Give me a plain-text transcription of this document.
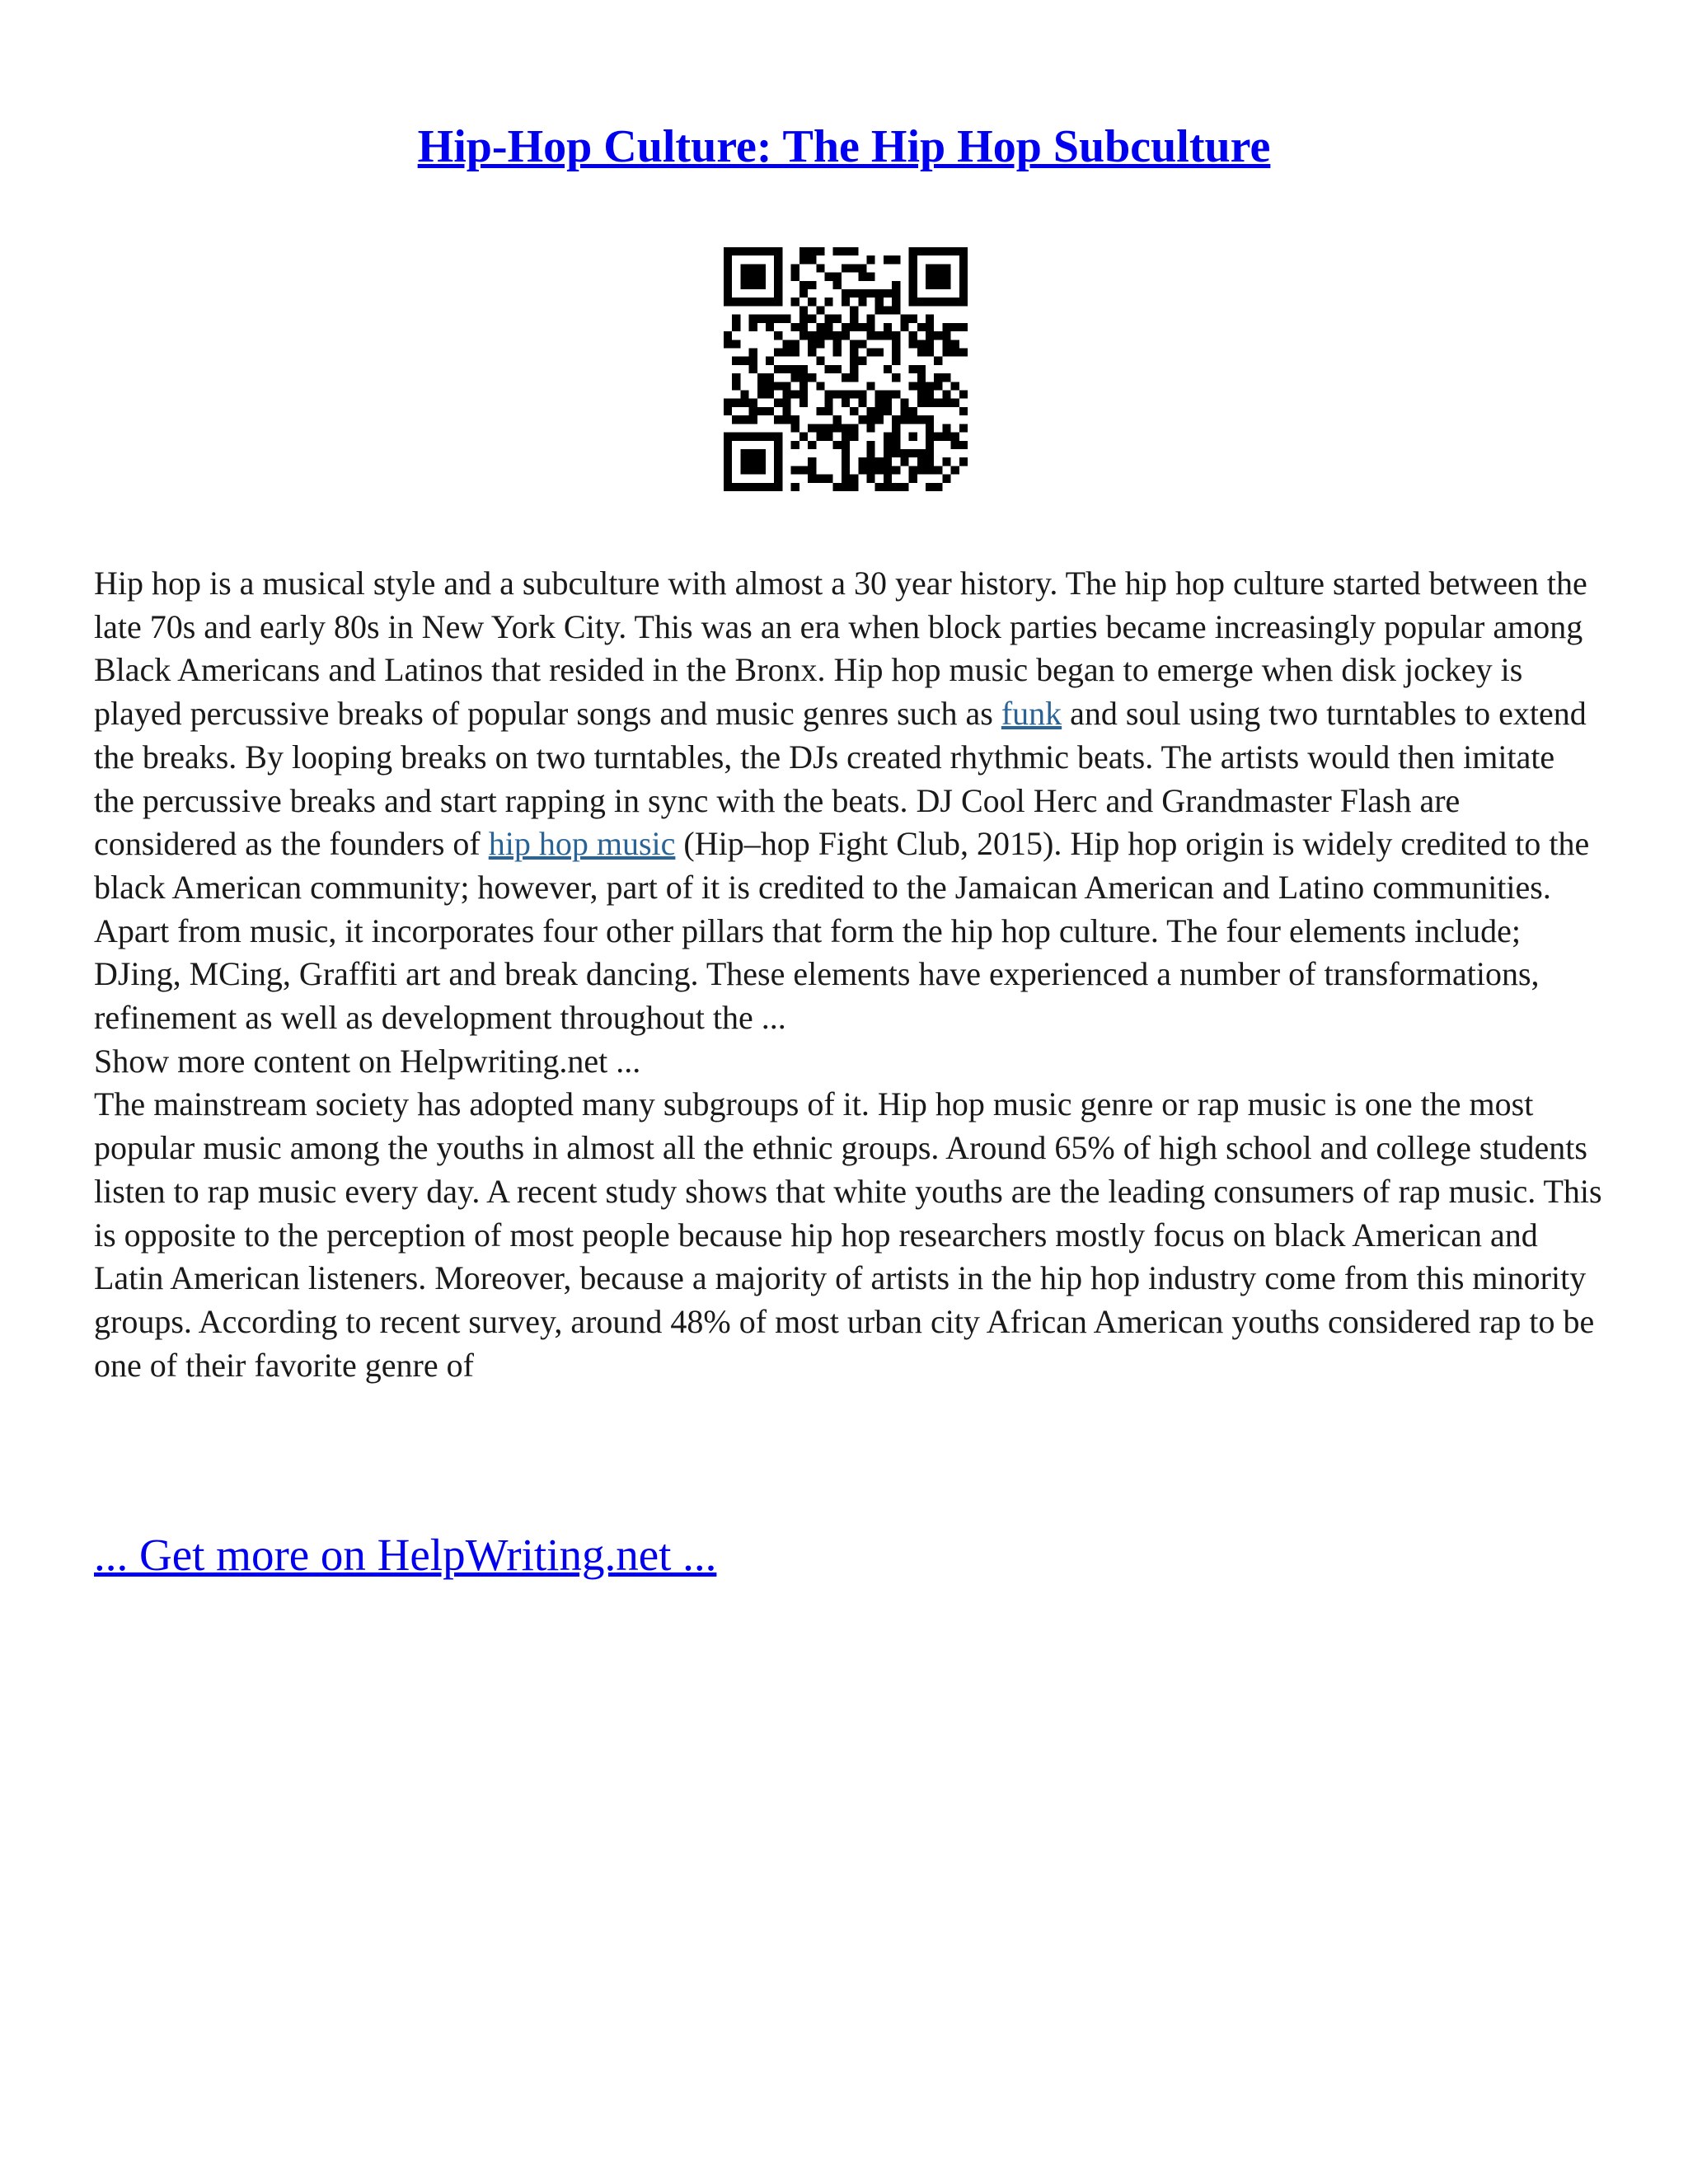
Hip-Hop Culture: The Hip Hop Subculture

Hip hop is a musical style and a subculture with almost a 30 year history. The hip hop culture started between the late 70s and early 80s in New York City. This was an era when block parties became increasingly popular among Black Americans and Latinos that resided in the Bronx. Hip hop music began to emerge when disk jockey is played percussive breaks of popular songs and music genres such as funk and soul using two turntables to extend the breaks. By looping breaks on two turntables, the DJs created rhythmic beats. The artists would then imitate the percussive breaks and start rapping in sync with the beats. DJ Cool Herc and Grandmaster Flash are considered as the founders of hip hop music (Hip–hop Fight Club, 2015). Hip hop origin is widely credited to the black American community; however, part of it is credited to the Jamaican American and Latino communities. Apart from music, it incorporates four other pillars that form the hip hop culture. The four elements include; DJing, MCing, Graffiti art and break dancing. These elements have experienced a number of transformations, refinement as well as development throughout the ...

Show more content on Helpwriting.net ...

The mainstream society has adopted many subgroups of it. Hip hop music genre or rap music is one the most popular music among the youths in almost all the ethnic groups. Around 65% of high school and college students listen to rap music every day. A recent study shows that white youths are the leading consumers of rap music. This is opposite to the perception of most people because hip hop researchers mostly focus on black American and Latin American listeners. Moreover, because a majority of artists in the hip hop industry come from this minority groups. According to recent survey, around 48% of most urban city African American youths considered rap to be one of their favorite genre of

... Get more on HelpWriting.net ...
